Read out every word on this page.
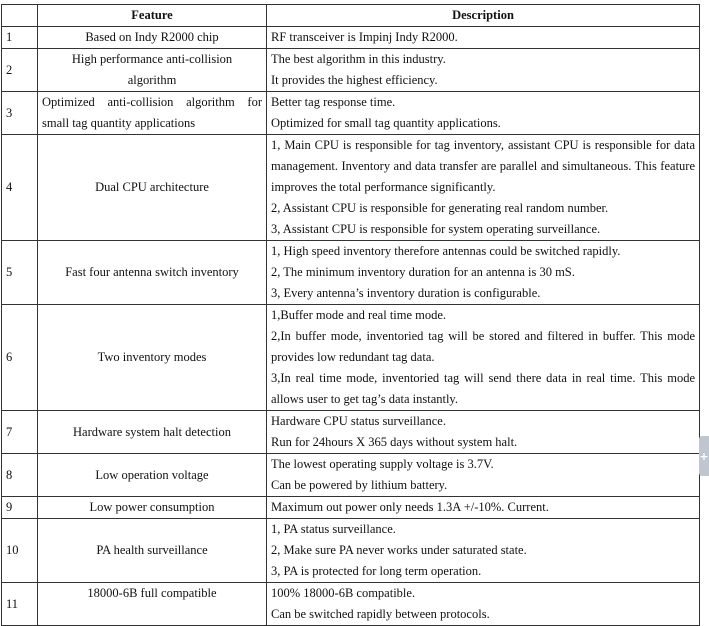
	Feature	Description
1	Based on Indy R2000 chip	RF transceiver is Impinj Indy R2000.

2	High performance anti-collision algorithm	The best algorithm in this industry.
It provides the highest efficiency.

3	Optimized anti-collision algorithm for small tag quantity applications	Better tag response time.
Optimized for small tag quantity applications.

4	Dual CPU architecture	1, Main CPU is responsible for tag inventory, assistant CPU is responsible for data management. Inventory and data transfer are parallel and simultaneous. This feature improves the total performance significantly.
2, Assistant CPU is responsible for generating real random number.
3, Assistant CPU is responsible for system operating surveillance.

5	Fast four antenna switch inventory	1, High speed inventory therefore antennas could be switched rapidly.
2, The minimum inventory duration for an antenna is 30 mS.
3, Every antenna’s inventory duration is configurable.

6	Two inventory modes	1,Buffer mode and real time mode.
2,In buffer mode, inventoried tag will be stored and filtered in buffer. This mode provides low redundant tag data.
3,In real time mode, inventoried tag will send there data in real time. This mode allows user to get tag’s data instantly.

7	Hardware system halt detection	Hardware CPU status surveillance.
Run for 24hours X 365 days without system halt.

8	Low operation voltage	The lowest operating supply voltage is 3.7V.
Can be powered by lithium battery.

9	Low power consumption	Maximum out power only needs 1.3A +/-10%. Current.

10	PA health surveillance	1, PA status surveillance.
2, Make sure PA never works under saturated state.
3, PA is protected for long term operation.

11	18000-6B full compatible	100% 18000-6B compatible.
Can be switched rapidly between protocols.
+
